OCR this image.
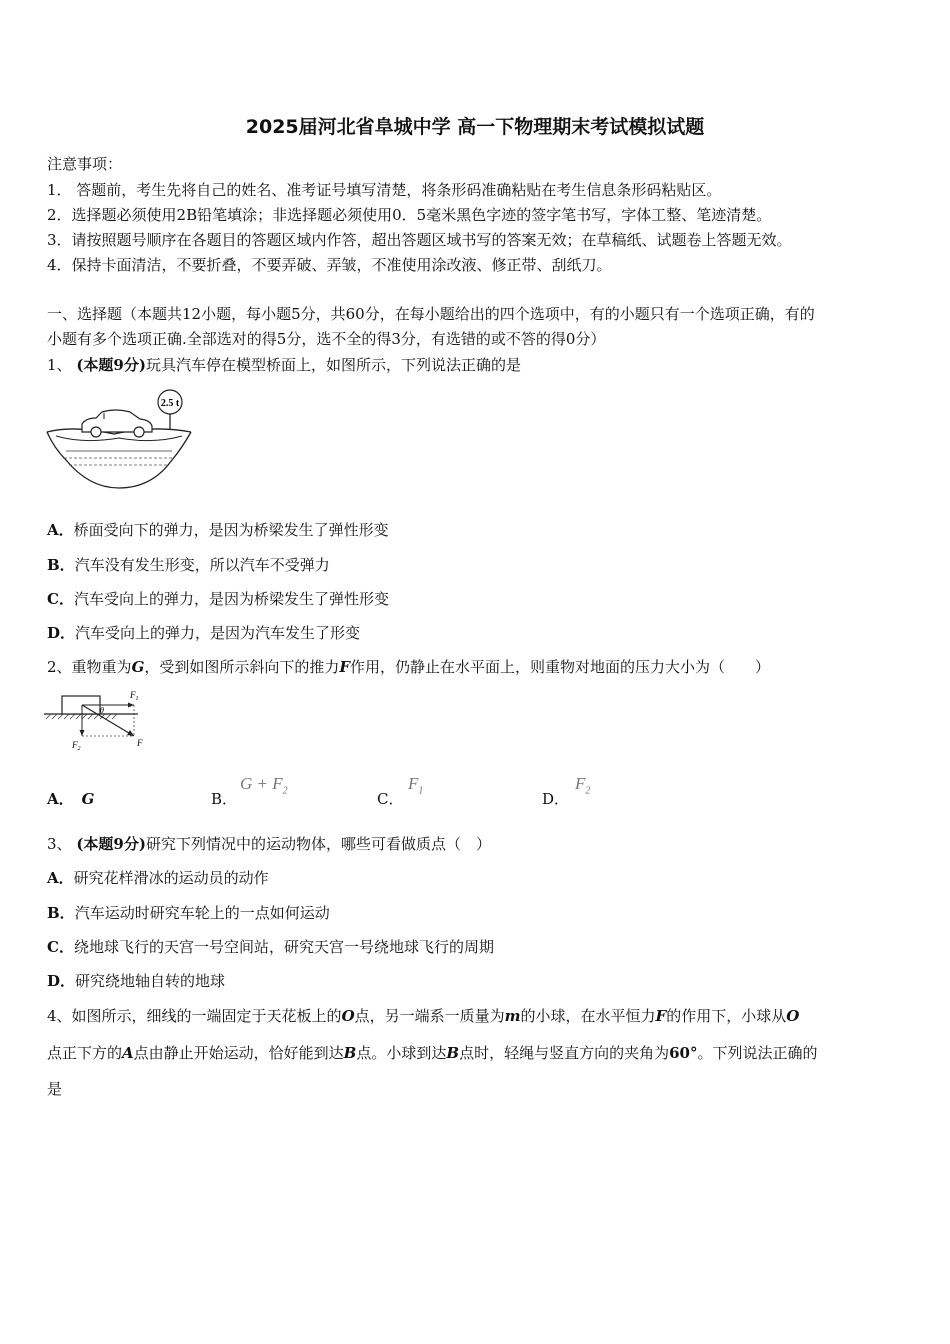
2025届河北省阜城中学 高一下物理期末考试模拟试题
注意事项：
1． 答题前，考生先将自己的姓名、准考证号填写清楚，将条形码准确粘贴在考生信息条形码粘贴区。
2．选择题必须使用2B铅笔填涂；非选择题必须使用0．5毫米黑色字迹的签字笔书写，字体工整、笔迹清楚。
3．请按照题号顺序在各题目的答题区域内作答，超出答题区域书写的答案无效；在草稿纸、试题卷上答题无效。
4．保持卡面清洁，不要折叠，不要弄破、弄皱，不准使用涂改液、修正带、刮纸刀。
一、选择题（本题共12小题，每小题5分，共60分，在每小题给出的四个选项中，有的小题只有一个选项正确，有的
小题有多个选项正确.全部选对的得5分，选不全的得3分，有选错的或不答的得0分）
1、 (本题9分)玩具汽车停在模型桥面上，如图所示，下列说法正确的是
2.5 t
A．桥面受向下的弹力，是因为桥梁发生了弹性形变
B．汽车没有发生形变，所以汽车不受弹力
C．汽车受向上的弹力，是因为桥梁发生了弹性形变
D．汽车受向上的弹力，是因为汽车发生了形变
2、重物重为G，受到如图所示斜向下的推力F作用，仍静止在水平面上，则重物对地面的压力大小为（　　）
$F_1$
$F_2$
F
θ
A． G	B．
$G + F_2$	C．
$F_1$	D．
$F_2$
3、 (本题9分)研究下列情况中的运动物体，哪些可看做质点（　）
A．研究花样滑冰的运动员的动作
B．汽车运动时研究车轮上的一点如何运动
C．绕地球飞行的天宫一号空间站，研究天宫一号绕地球飞行的周期
D．研究绕地轴自转的地球
4、如图所示，细线的一端固定于天花板上的O点，另一端系一质量为m的小球，在水平恒力F的作用下，小球从O
点正下方的A点由静止开始运动，恰好能到达B点。小球到达B点时，轻绳与竖直方向的夹角为60°。下列说法正确的
是
